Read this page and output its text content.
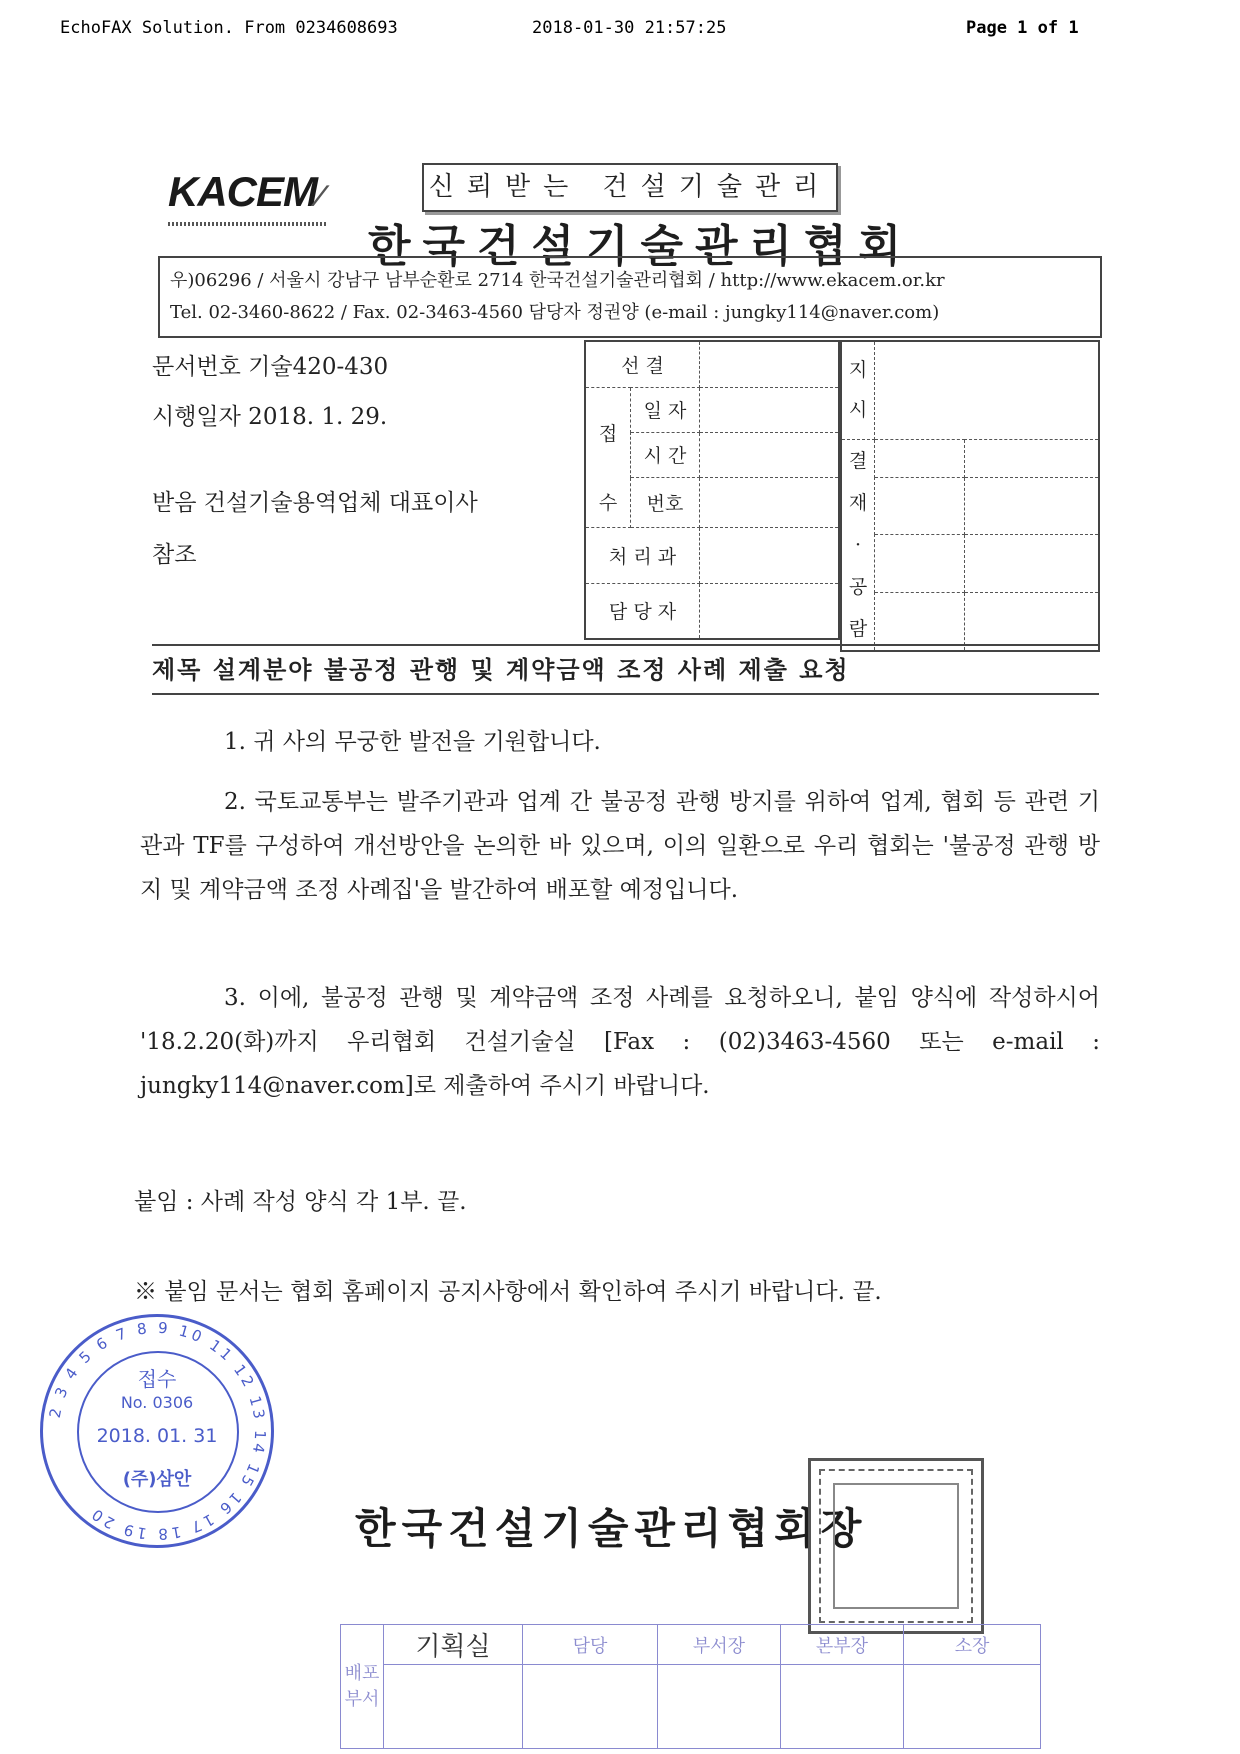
EchoFAX Solution. From 0234608693	2018-01-30 21:57:25	Page 1 of 1
KACEM∕	신뢰받는 건설기술관리
한국건설기술관리협회
우)06296 / 서울시 강남구 남부순환로 2714 한국건설기술관리협회 / http://www.ekacem.or.kr
Tel. 02-3460-8622 / Fax. 02-3463-4560 담당자 정권양 (e-mail : jungky114@naver.com)
문서번호 기술420-430
시행일자 2018. 1. 29.
받음 건설기술용역업체 대표이사
참조
선 결		
접	일 자	
	시 간	
수	번호	
처 리 과		
담 당 자		
지
시		

결
재
·
공
람		

제목 설계분야 불공정 관행 및 계약금액 조정 사례 제출 요청
1. 귀 사의 무궁한 발전을 기원합니다.
2. 국토교통부는 발주기관과 업계 간 불공정 관행 방지를 위하여 업계, 협회 등 관련 기관과 TF를 구성하여 개선방안을 논의한 바 있으며, 이의 일환으로 우리 협회는 '불공정 관행 방지 및 계약금액 조정 사례집'을 발간하여 배포할 예정입니다.
3. 이에, 불공정 관행 및 계약금액 조정 사례를 요청하오니, 붙임 양식에 작성하시어 '18.2.20(화)까지 우리협회 건설기술실 [Fax : (02)3463-4560 또는 e-mail : jungky114@naver.com]로 제출하여 주시기 바랍니다.
붙임 : 사례 작성 양식 각 1부. 끝.
※ 붙임 문서는 협회 홈페이지 공지사항에서 확인하여 주시기 바랍니다. 끝.
2 3 4 5 6 7 8 9 10 11 12 13 14 15 16 17 18 19 20
접수
No. 0306
2018. 01. 31
(주)삼안
한국건설기술관리협회장
배포부서	기획실	담당	부서장	본부장	소장
